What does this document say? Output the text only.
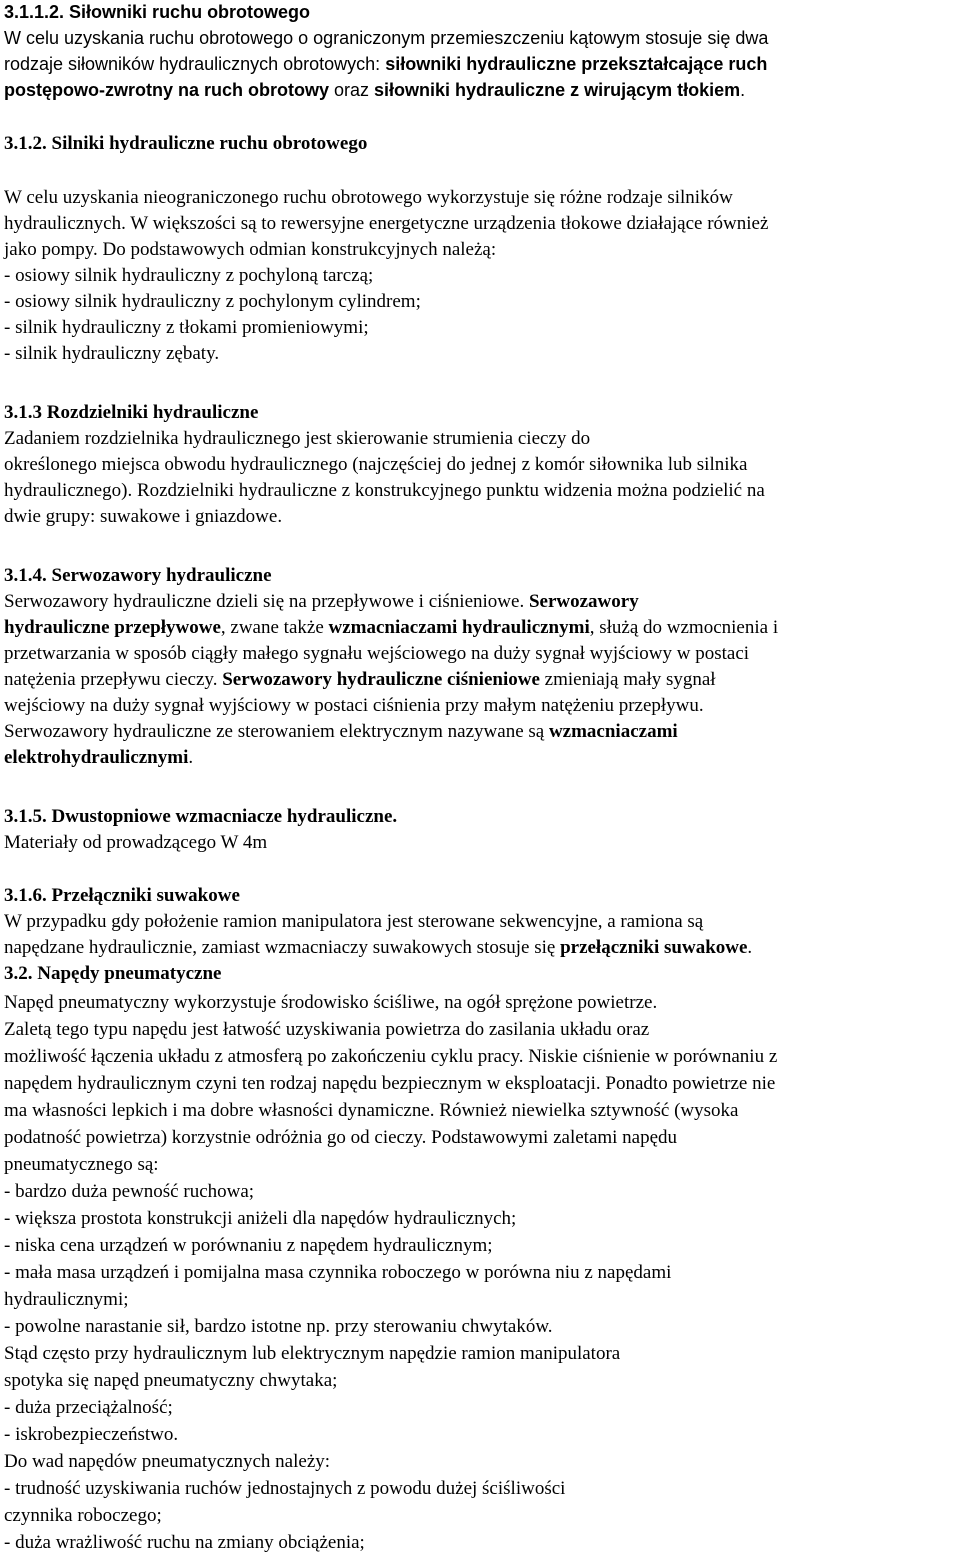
3.1.1.2. Siłowniki ruchu obrotowego
W celu uzyskania ruchu obrotowego o ograniczonym przemieszczeniu kątowym stosuje się dwa
rodzaje siłowników hydraulicznych obrotowych: siłowniki hydrauliczne przekształcające ruch
postępowo-zwrotny na ruch obrotowy oraz siłowniki hydrauliczne z wirującym tłokiem.
3.1.2. Silniki hydrauliczne ruchu obrotowego
W celu uzyskania nieograniczonego ruchu obrotowego wykorzystuje się różne rodzaje silników
hydraulicznych. W większości są to rewersyjne energetyczne urządzenia tłokowe działające również
jako pompy. Do podstawowych odmian konstrukcyjnych należą:
- osiowy silnik hydrauliczny z pochyloną tarczą;
- osiowy silnik hydrauliczny z pochylonym cylindrem;
- silnik hydrauliczny z tłokami promieniowymi;
- silnik hydrauliczny zębaty.
3.1.3 Rozdzielniki hydrauliczne
Zadaniem rozdzielnika hydraulicznego jest skierowanie strumienia cieczy do
określonego miejsca obwodu hydraulicznego (najczęściej do jednej z komór siłownika lub silnika
hydraulicznego). Rozdzielniki hydrauliczne z konstrukcyjnego punktu widzenia można podzielić na
dwie grupy: suwakowe i gniazdowe.
3.1.4. Serwozawory hydrauliczne
Serwozawory hydrauliczne dzieli się na przepływowe i ciśnieniowe. Serwozawory
hydrauliczne przepływowe, zwane także wzmacniaczami hydraulicznymi, służą do wzmocnienia i
przetwarzania w sposób ciągły małego sygnału wejściowego na duży sygnał wyjściowy w postaci
natężenia przepływu cieczy. Serwozawory hydrauliczne ciśnieniowe zmieniają mały sygnał
wejściowy na duży sygnał wyjściowy w postaci ciśnienia przy małym natężeniu przepływu.
Serwozawory hydrauliczne ze sterowaniem elektrycznym nazywane są wzmacniaczami
elektrohydraulicznymi.
3.1.5. Dwustopniowe wzmacniacze hydrauliczne.
Materiały od prowadzącego W 4m
3.1.6. Przełączniki suwakowe
W przypadku gdy położenie ramion manipulatora jest sterowane sekwencyjne, a ramiona są
napędzane hydraulicznie, zamiast wzmacniaczy suwakowych stosuje się przełączniki suwakowe.
3.2. Napędy pneumatyczne
Napęd pneumatyczny wykorzystuje środowisko ściśliwe, na ogół sprężone powietrze.
Zaletą tego typu napędu jest łatwość uzyskiwania powietrza do zasilania układu oraz
możliwość łączenia układu z atmosferą po zakończeniu cyklu pracy. Niskie ciśnienie w porównaniu z
napędem hydraulicznym czyni ten rodzaj napędu bezpiecznym w eksploatacji. Ponadto powietrze nie
ma własności lepkich i ma dobre własności dynamiczne. Również niewielka sztywność (wysoka
podatność powietrza) korzystnie odróżnia go od cieczy. Podstawowymi zaletami napędu
pneumatycznego są:
- bardzo duża pewność ruchowa;
- większa prostota konstrukcji aniżeli dla napędów hydraulicznych;
- niska cena urządzeń w porównaniu z napędem hydraulicznym;
- mała masa urządzeń i pomijalna masa czynnika roboczego w porówna niu z napędami
hydraulicznymi;
- powolne narastanie sił, bardzo istotne np. przy sterowaniu chwytaków.
Stąd często przy hydraulicznym lub elektrycznym napędzie ramion manipulatora
spotyka się napęd pneumatyczny chwytaka;
- duża przeciążalność;
- iskrobezpieczeństwo.
Do wad napędów pneumatycznych należy:
- trudność uzyskiwania ruchów jednostajnych z powodu dużej ściśliwości
czynnika roboczego;
- duża wrażliwość ruchu na zmiany obciążenia;
